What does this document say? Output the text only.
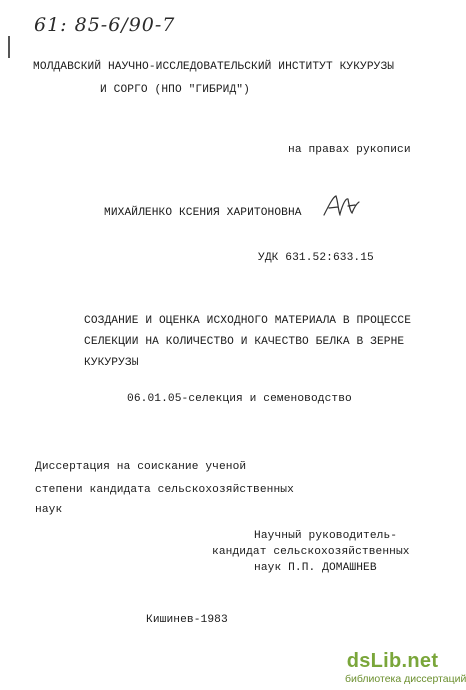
61: 85-6/90-7
МОЛДАВСКИЙ НАУЧНО-ИССЛЕДОВАТЕЛЬСКИЙ ИНСТИТУТ КУКУРУЗЫ
И СОРГО (НПО "ГИБРИД")
на правах рукописи
МИХАЙЛЕНКО КСЕНИЯ ХАРИТОНОВНА
УДК 631.52:633.15
СОЗДАНИЕ И ОЦЕНКА ИСХОДНОГО МАТЕРИАЛА В ПРОЦЕССЕ
СЕЛЕКЦИИ НА КОЛИЧЕСТВО И КАЧЕСТВО БЕЛКА В ЗЕРНЕ
КУКУРУЗЫ
06.01.05-селекция и семеноводство
Диссертация на соискание ученой
степени кандидата сельскохозяйственных
наук
Научный руководитель-
кандидат сельскохозяйственных
наук П.П. ДОМАШНЕВ
Кишинев-1983
dsLib.net
библиотека диссертаций
